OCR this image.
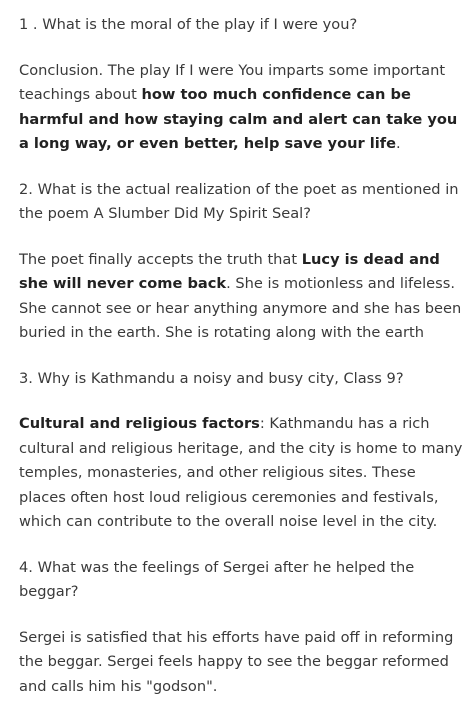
1 . What is the moral of the play if I were you?

Conclusion. The play If I were You imparts some important teachings about how too much confidence can be harmful and how staying calm and alert can take you a long way, or even better, help save your life.

2. What is the actual realization of the poet as mentioned in the poem A Slumber Did My Spirit Seal?

The poet finally accepts the truth that Lucy is dead and she will never come back. She is motionless and lifeless. She cannot see or hear anything anymore and she has been buried in the earth. She is rotating along with the earth

3. Why is Kathmandu a noisy and busy city, Class 9?

Cultural and religious factors: Kathmandu has a rich cultural and religious heritage, and the city is home to many temples, monasteries, and other religious sites. These places often host loud religious ceremonies and festivals, which can contribute to the overall noise level in the city.

4. What was the feelings of Sergei after he helped the beggar?

Sergei is satisfied that his efforts have paid off in reforming the beggar. Sergei feels happy to see the beggar reformed and calls him his "godson".
